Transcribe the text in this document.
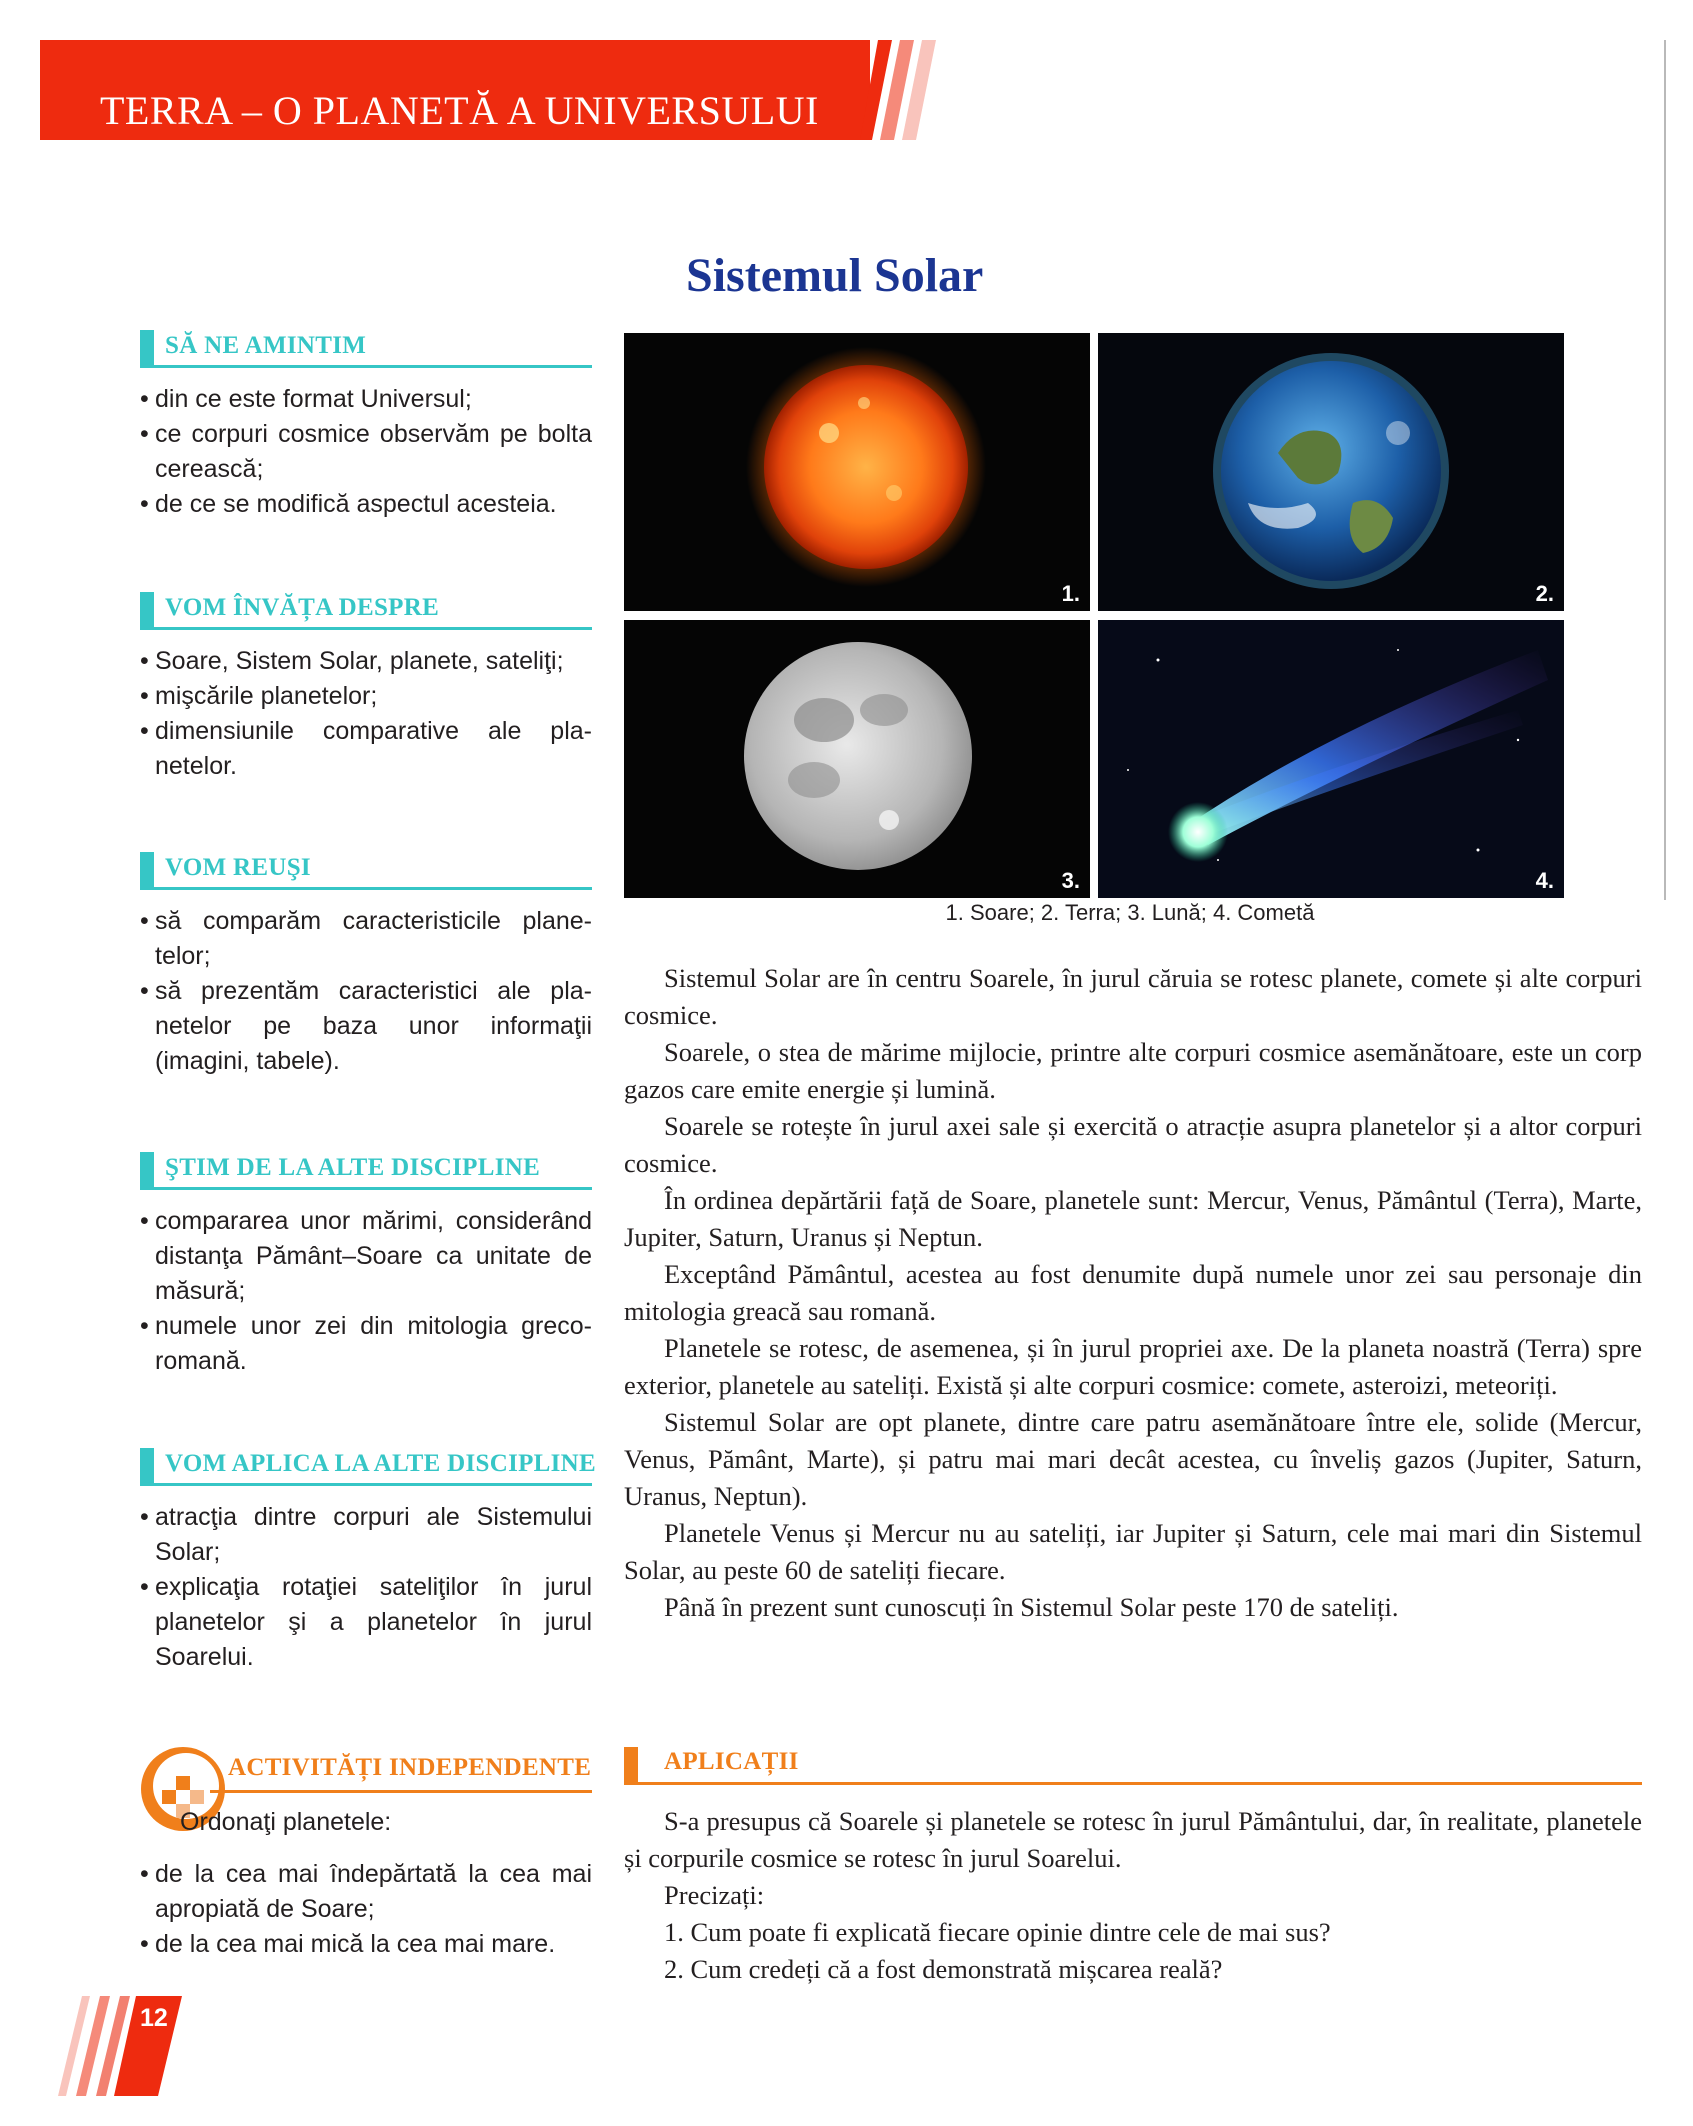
TERRA – O PLANETĂ A UNIVERSULUI
Sistemul Solar
SĂ NE AMINTIM
• din ce este format Universul;
• ce corpuri cosmice observăm pe bolta cerească;
• de ce se modifică aspectul acesteia.
VOM ÎNVĂȚA DESPRE
• Soare, Sistem Solar, planete, sateliţi;
• mişcările planetelor;
• dimensiunile comparative ale planetelor.
VOM REUŞI
• să comparăm caracteristicile planetelor;
• să prezentăm caracteristici ale planetelor pe baza unor informaţii (imagini, tabele).
ŞTIM DE LA ALTE DISCIPLINE
• compararea unor mărimi, considerând distanţa Pământ–Soare ca unitate de măsură;
• numele unor zei din mitologia greco-romană.
VOM APLICA LA ALTE DISCIPLINE
• atracţia dintre corpuri ale Sistemului Solar;
• explicaţia rotaţiei sateliţilor în jurul planetelor şi a planetelor în jurul Soarelui.
ACTIVITĂȚI INDEPENDENTE
Ordonaţi planetele:
• de la cea mai îndepărtată la cea mai apropiată de Soare;
• de la cea mai mică la cea mai mare.
1.	2.
3.	4.
1. Soare; 2. Terra; 3. Lună; 4. Cometă

Sistemul Solar are în centru Soarele, în jurul căruia se rotesc planete, comete și alte corpuri cosmice.

Soarele, o stea de mărime mijlocie, printre alte corpuri cosmice asemănătoare, este un corp gazos care emite energie și lumină.

Soarele se rotește în jurul axei sale și exercită o atracție asupra planetelor și a altor corpuri cosmice.

În ordinea depărtării față de Soare, planetele sunt: Mercur, Venus, Pământul (Terra), Marte, Jupiter, Saturn, Uranus și Neptun.

Exceptând Pământul, acestea au fost denumite după numele unor zei sau personaje din mitologia greacă sau romană.

Planetele se rotesc, de asemenea, și în jurul propriei axe. De la planeta noastră (Terra) spre exterior, planetele au sateliți. Există și alte corpuri cosmice: comete, asteroizi, meteoriți.

Sistemul Solar are opt planete, dintre care patru asemănătoare între ele, solide (Mercur, Venus, Pământ, Marte), și patru mai mari decât acestea, cu înveliș gazos (Jupiter, Saturn, Uranus, Neptun).

Planetele Venus și Mercur nu au sateliți, iar Jupiter și Saturn, cele mai mari din Sistemul Solar, au peste 60 de sateliți fiecare.

Până în prezent sunt cunoscuți în Sistemul Solar peste 170 de sateliți.

APLICAȚII

S-a presupus că Soarele și planetele se rotesc în jurul Pământului, dar, în realitate, planetele și corpurile cosmice se rotesc în jurul Soarelui.

Precizați:

1. Cum poate fi explicată fiecare opinie dintre cele de mai sus?

2. Cum credeți că a fost demonstrată mișcarea reală?

12
